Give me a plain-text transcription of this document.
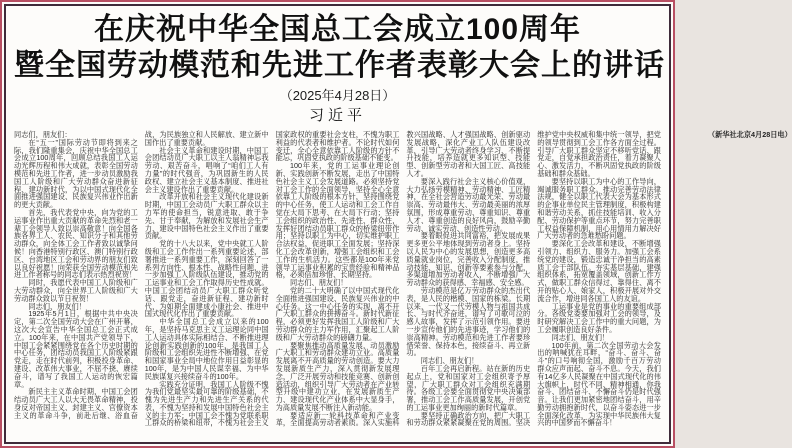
在庆祝中华全国总工会成立100周年
暨全国劳动模范和先进工作者表彰大会上的讲话
（2025年4月28日）
习近平

同志们，朋友们：

在“五一”国际劳动节即将到来之际，我们隆重集会，庆祝中华全国总工会成立100周年，回顾总结我国工人运动光辉历程和伟大成就，表彰全国劳动模范和先进工作者，进一步动员激励我国工人阶级和广大劳动群众奋进新征程、建功新时代，为以中国式现代化全面推进强国建设、民族复兴伟业作出新的更大贡献。

首先，我代表党中央，向为党的工运事业作出重大贡献的革命先烈和老一辈工会领导人致以崇高敬意！向全国各族各界工人、农民、知识分子和其他劳动群众，向全体工会工作者致以诚挚问候！向香港特别行政区、澳门特别行政区、台湾地区工会和劳动界的朋友们致以良好祝愿！向荣获全国劳动模范和先进工作者称号的同志们表示热烈祝贺！

同时，我愿代表中国工人阶级和广大劳动群众，向全世界工人阶级和广大劳动群众致以节日祝贺！

同志们、朋友们！

1925年5月1日，根据中共中央决定，第二次全国劳动大会在广州开幕，这次大会宣告中华全国总工会正式成立。100年来，在中国共产党领导下，中国工会紧紧围绕党在各个历史时期的中心任务，团结动员我国工人阶级紧跟党走，走在时代前列，积极投身革命、建设、改革伟大事业，不屈不挠、赓续奋斗，谱写了我国工人运动的恢宏篇章。

新民主主义革命时期，中国工会团结动员广大工人以大无畏革命精神，投身反对帝国主义、封建主义、官僚资本主义的革命斗争，前赴后继、浴血奋战，为民族独立和人民解放、建立新中国作出了重要贡献。

社会主义革命和建设时期，中国工会团结动员广大职工以主人翁精神忘我劳动、艰苦奋斗，唱响了“咱们工人有力量”的时代强音，为巩固新生的人民政权、建立社会主义基本制度、推进社会主义建设作出了重要贡献。

改革开放和社会主义现代化建设新时期，中国工会动员广大职工群众以主力军的使命担当，锐意进取、敢于争先、甘于奉献，为解放和发展社会生产力、建设中国特色社会主义作出了重要贡献。

党的十八大以来，党中央就工人阶级和工会工作作出一系列重要论述，部署推进一系列重要工作，深刻回答了一系列方向性、根本性、战略性问题，进一步加强工人阶级队伍建设，推动党的工运事业和工会工作取得历史性成就。中国工会团结动员广大职工群众听党话、跟党走，奋进新征程、建功新时代，为如期全面建成小康社会、推进中国式现代化作出了重要贡献。

中华全国总工会成立以来的100年，是坚持马克思主义工运理论同中国工人运动具体实际相结合、不断推进理论创新实践创新的100年，是我国工人阶级和工会组织先进性不断增强、在党和国家事业全局中地位作用日益彰显的100年，是为中国人民谋幸福、为中华民族谋复兴接续奋斗的100年。

实践充分证明，我国工人阶级不愧为我们党最坚实最可靠的阶级基础，不愧为先进生产力和先进生产关系的代表，不愧为坚持和发展中国特色社会主义的主力军；中国工会不愧为党联系职工群众的桥梁和纽带，不愧为社会主义国家政权的重要社会支柱，不愧为职工利益的代表者和维护者。不论时代如何变迁，全心全意依靠工人阶级的方针不能忘，巩固党执政的阶级基础不能变。

100年来，党的工运事业理论创新、实践创新不断发展，走出了中国特色社会主义工会发展道路。必须坚持党对工会工作的全面领导，坚持全心全意依靠工人阶级的根本方针，坚持围绕党的中心任务，使工人运动和工会工作自觉在大局下思考、在大局下行动；坚持工会组织的政治性、先进性、群众性，发挥好团结动员职工群众的桥梁纽带作用；坚持以职工为中心，切实维护职工合法权益，促进职工全面发展；坚持深化工会改革创新，增强工会组织和工会工作的生机活力。这些都是100年来党领导工运事业积累的宝贵经验和精神品格，必须倍加珍惜、长期坚持。

同志们、朋友们！

党的二十大明确了以中国式现代化全面推进强国建设、民族复兴伟业的中心任务。这一中心任务的实现，离不开广大职工群众的拼搏奋斗。新时代新征程，必须更好发挥我国工人阶级和广大劳动群众的主力军作用，汇聚起工人阶级和广大劳动群众的磅礴力量。

要聚焦推动高质量发展，动员激励广大职工和劳动群众建功立业。高质量发展离不开高质量的劳动创造。要大力发展新质生产力，深入贯彻新发展理念，广泛开展劳动和技能竞赛、创新创造活动，组织引导广大劳动者在产业转型升级中建功立业，在发展新质生产力、建设现代化产业体系中大显身手，为高质量发展不断注入新动能。

要适应新一轮科技革命和产业变革，全面提高劳动者素质。深入实施科教兴国战略、人才强国战略、创新驱动发展战略，深化产业工人队伍建设改革，引导广大劳动者终身学习、不断提升技能，培养造就更多知识型、技能型、创新型劳动者和大国工匠、高技能人才。

要深入践行社会主义核心价值观，大力弘扬劳模精神、劳动精神、工匠精神，在全社会营造劳动最光荣、劳动最崇高、劳动最伟大、劳动最美丽的浓厚氛围，形成尊重劳动、尊重知识、尊重人才、尊重创造的良好风尚，鼓励辛勤劳动、诚实劳动、创造性劳动。

要着眼促进共同富裕，把发展成果更多更公平地体现到劳动者身上。坚持以人民为中心的发展思想，创造更多高质量就业岗位，完善收入分配制度，推动技能、知识、创新等要素参与分配，多渠道增加劳动者收入，不断增强广大劳动群众的获得感、幸福感、安全感。

劳动模范是亿万劳动群众的杰出代表，是人民的楷模、国家的栋梁。长期以来，一代又一代劳模人物与祖国共成长、与时代齐奋进，谱写了可歌可泣的感人故事，发挥了示范引领作用。要进一步宣传他们的先进事迹，学习他们的崇高精神。劳动模范和先进工作者要珍惜荣誉、保持本色，接续奋斗、再立新功。

同志们、朋友们！

百年工会再启新程。站在新的历史起点上，党和国家对工会组织寄予厚望，广大职工群众对工会组织充满期待。各级工会要全面贯彻党中央决策部署，推动工会工作高质量发展，开创党的工运事业更加绚丽的新时代篇章。

要坚持正确政治方向，把广大职工和劳动群众紧紧凝聚在党的周围。坚决维护党中央权威和集中统一领导，把党的领导贯彻到工会工作各方面全过程。引导广大职工群众坚定不移听党话、跟党走，自觉承担政治责任，着力凝聚人心、激发活力，不断巩固党执政的阶级基础和群众基础。

要坚持以职工为中心的工作导向，竭诚服务职工群众。推动完善劳动法律法规，健全以职工代表大会为基本形式的企事业单位民主管理制度，积极构建和谐劳动关系，抓住技能培训、收入分配、劳动保护等重点环节，努力完善职工权益保障机制，用心用情用力解决好广大劳动者的急难愁盼问题。

要深化工会改革和建设，不断增强引领力、组织力、服务力。加强工会系统党的建设，锻造忠诚干净担当的高素质工会干部队伍。夯实基层基础，建强组织体系，拓宽覆盖领域，创新工作方式，做职工群众信得过、靠得住、离不开的贴心人、娘家人，积极开展对外交流合作，增进同各国工人的友谊。

工运事业是党的事业的重要组成部分。各级党委要加强对工会的领导，及时研究解决工会工作中的重大问题，为工会履职创造良好条件。

同志们、朋友们！

100年前，第二次全国劳动大会发出的呐喊犹在耳畔，“奋斗、奋斗、奋斗”的口号响彻全国，激励千百万劳动群众应声而起、奋斗不息。今天，我们有14亿多人民凝聚在中国式现代化的伟大旗帜上，时代不同、精神相通，你我奋斗、团结奋斗、不懈奋斗仍是时代强音。让我们更加紧密地团结奋斗，用辛勤劳动拥抱新时代，以奋斗姿态进一步全面深化改革，为实现中华民族伟大复兴的中国梦而不懈奋斗！

（新华社北京4月28日电）
